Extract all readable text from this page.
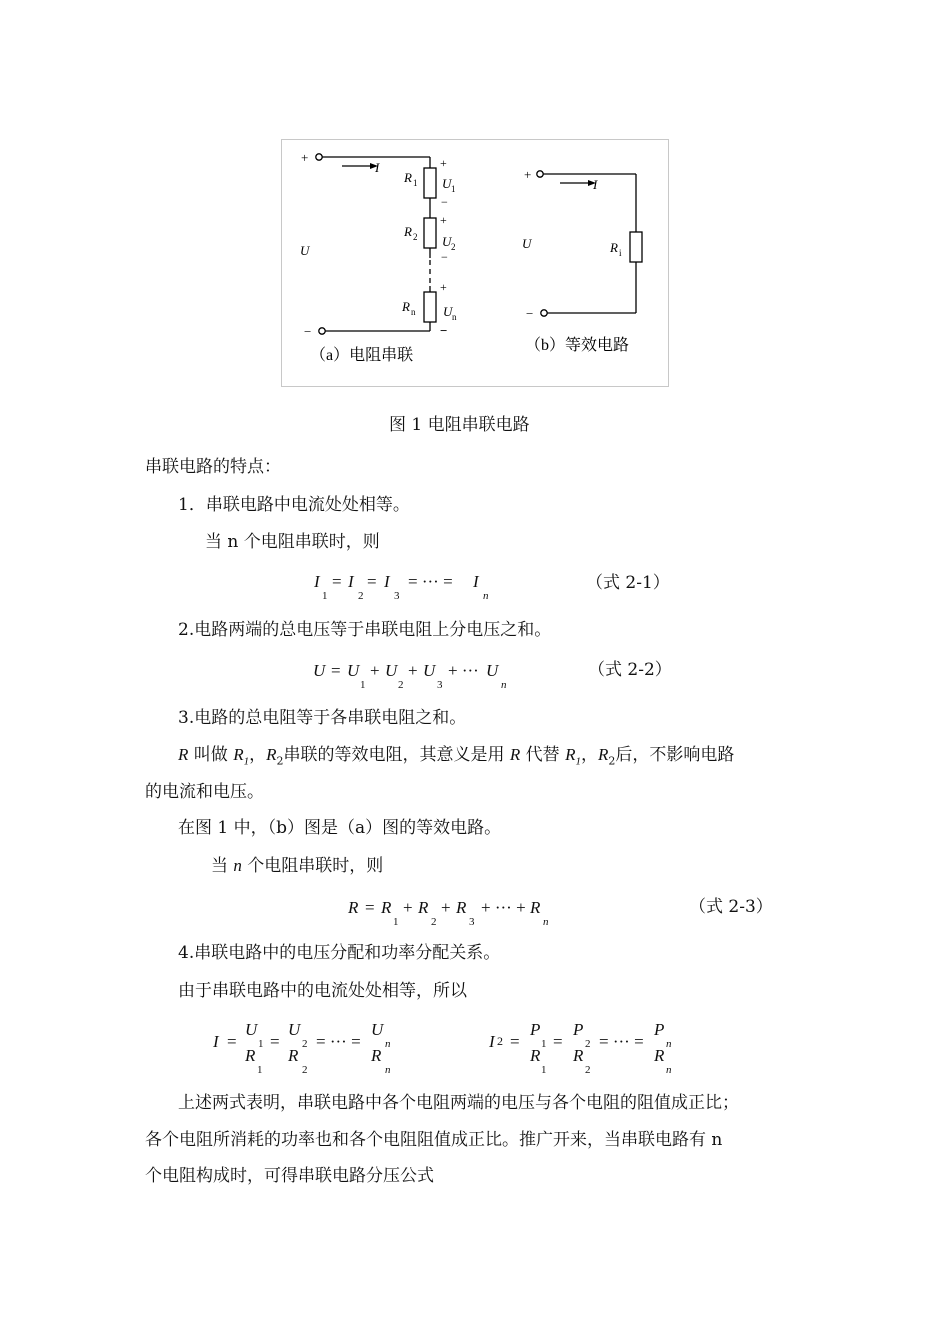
+
−
I
U
R 1
+
U 1
−
R 2
+
U 2
−
R n
+
U n
−
（a）电阻串联
+
−
I
U	R i
（b）等效电路
图 1 电阻串联电路
串联电路的特点：
1．串联电路中电流处处相等。
当 n 个电阻串联时，则
I
1
= I
2
= I
3
= ··· = I
n
（式 2-1）
2.电路两端的总电压等于串联电阻上分电压之和。
U = U
1
+ U
2
+ U
3
+ ··· U
n
（式 2-2）
3.电路的总电阻等于各串联电阻之和。
R 叫做 $R_1$，$R_2$串联的等效电阻，其意义是用 R 代替 $R_1$，$R_2$后，不影响电路
的电流和电压。
在图 1 中，（b）图是（a）图的等效电路。
当 n 个电阻串联时，则
R = R
1
+ R
2
+ R
3
+ ··· + R
n
（式 2-3）
4.串联电路中的电压分配和功率分配关系。
由于串联电路中的电流处处相等，所以
I =
U
1 =
R
1
U
2
R
2
= ··· =
U
n
R
n
I 2 =
P
1 =
R
1
P
2
R
2
= ··· =
P
n
R
n
上述两式表明，串联电路中各个电阻两端的电压与各个电阻的阻值成正比；
各个电阻所消耗的功率也和各个电阻阻值成正比。推广开来，当串联电路有 n
个电阻构成时，可得串联电路分压公式
